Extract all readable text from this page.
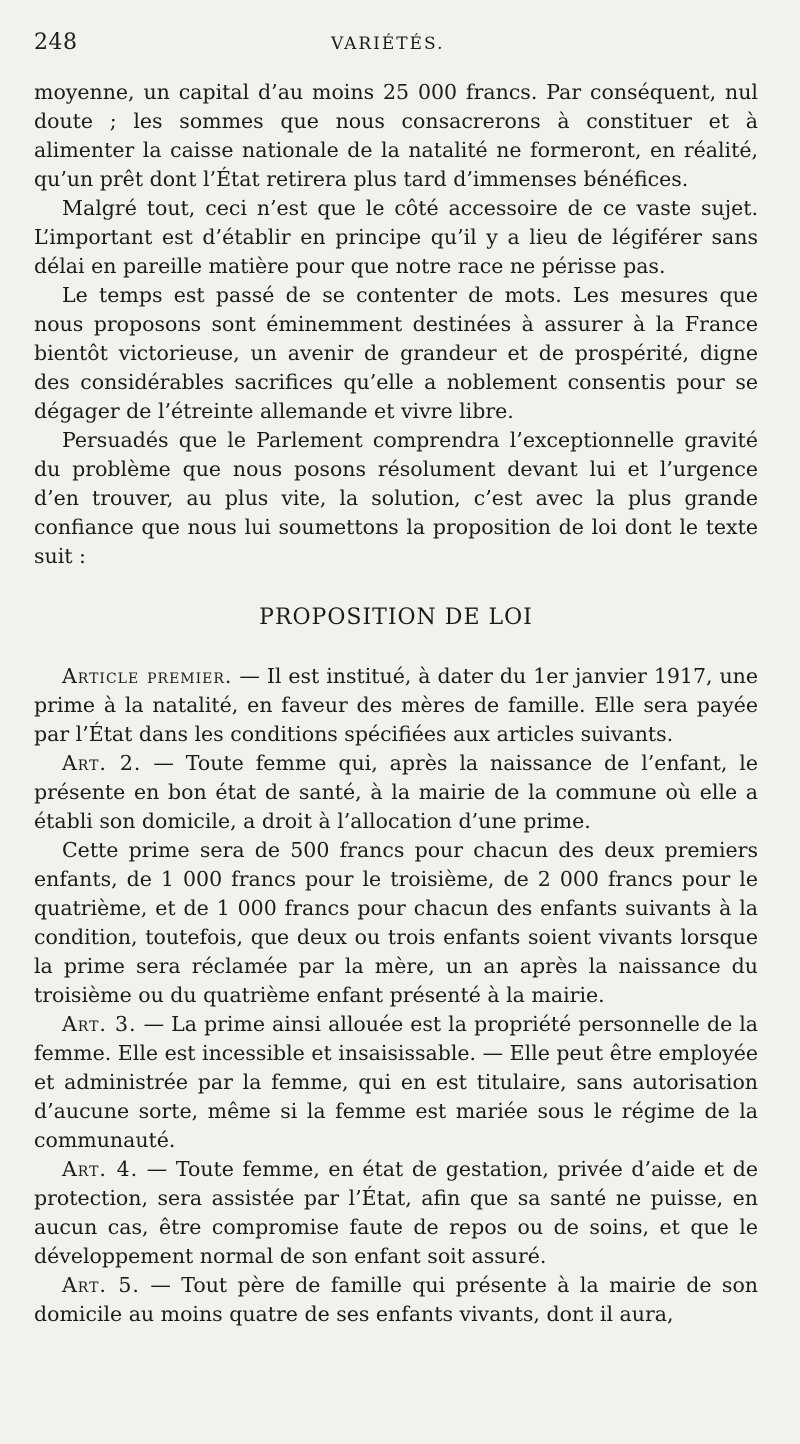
248	VARIÉTÉS.

moyenne, un capital d’au moins 25 000 francs. Par conséquent, nul doute ; les sommes que nous consacrerons à constituer et à alimenter la caisse nationale de la natalité ne formeront, en réalité, qu’un prêt dont l’État retirera plus tard d’immenses bénéfices.

Malgré tout, ceci n’est que le côté accessoire de ce vaste sujet. L’important est d’établir en principe qu’il y a lieu de légiférer sans délai en pareille matière pour que notre race ne périsse pas.

Le temps est passé de se contenter de mots. Les mesures que nous proposons sont éminemment destinées à assurer à la France bientôt victorieuse, un avenir de grandeur et de prospérité, digne des considérables sacrifices qu’elle a noblement consentis pour se dégager de l’étreinte allemande et vivre libre.

Persuadés que le Parlement comprendra l’exceptionnelle gravité du problème que nous posons résolument devant lui et l’urgence d’en trouver, au plus vite, la solution, c’est avec la plus grande confiance que nous lui soumettons la proposition de loi dont le texte suit :

PROPOSITION DE LOI

Article premier. — Il est institué, à dater du 1er janvier 1917, une prime à la natalité, en faveur des mères de famille. Elle sera payée par l’État dans les conditions spécifiées aux articles suivants.

Art. 2. — Toute femme qui, après la naissance de l’enfant, le présente en bon état de santé, à la mairie de la commune où elle a établi son domicile, a droit à l’allocation d’une prime.

Cette prime sera de 500 francs pour chacun des deux premiers enfants, de 1 000 francs pour le troisième, de 2 000 francs pour le quatrième, et de 1 000 francs pour chacun des enfants suivants à la condition, toutefois, que deux ou trois enfants soient vivants lorsque la prime sera réclamée par la mère, un an après la naissance du troisième ou du quatrième enfant présenté à la mairie.

Art. 3. — La prime ainsi allouée est la propriété personnelle de la femme. Elle est incessible et insaisissable. — Elle peut être employée et administrée par la femme, qui en est titulaire, sans autorisation d’aucune sorte, même si la femme est mariée sous le régime de la communauté.

Art. 4. — Toute femme, en état de gestation, privée d’aide et de protection, sera assistée par l’État, afin que sa santé ne puisse, en aucun cas, être compromise faute de repos ou de soins, et que le développement normal de son enfant soit assuré.

Art. 5. — Tout père de famille qui présente à la mairie de son domicile au moins quatre de ses enfants vivants, dont il aura,
